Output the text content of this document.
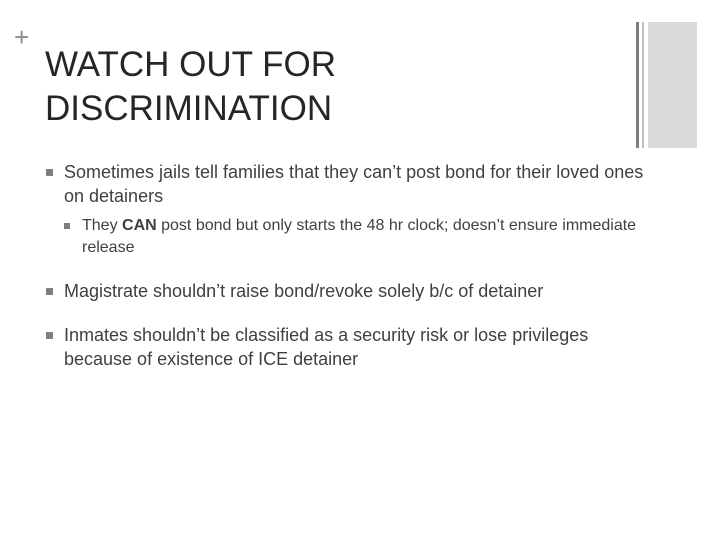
+
WATCH OUT FOR
DISCRIMINATION
Sometimes jails tell families that they can’t post bond for their loved ones on detainers
They CAN post bond but only starts the 48 hr clock; doesn’t ensure immediate release
Magistrate shouldn’t raise bond/revoke solely b/c of detainer
Inmates shouldn’t be classified as a security risk or lose privileges because of existence of ICE detainer
